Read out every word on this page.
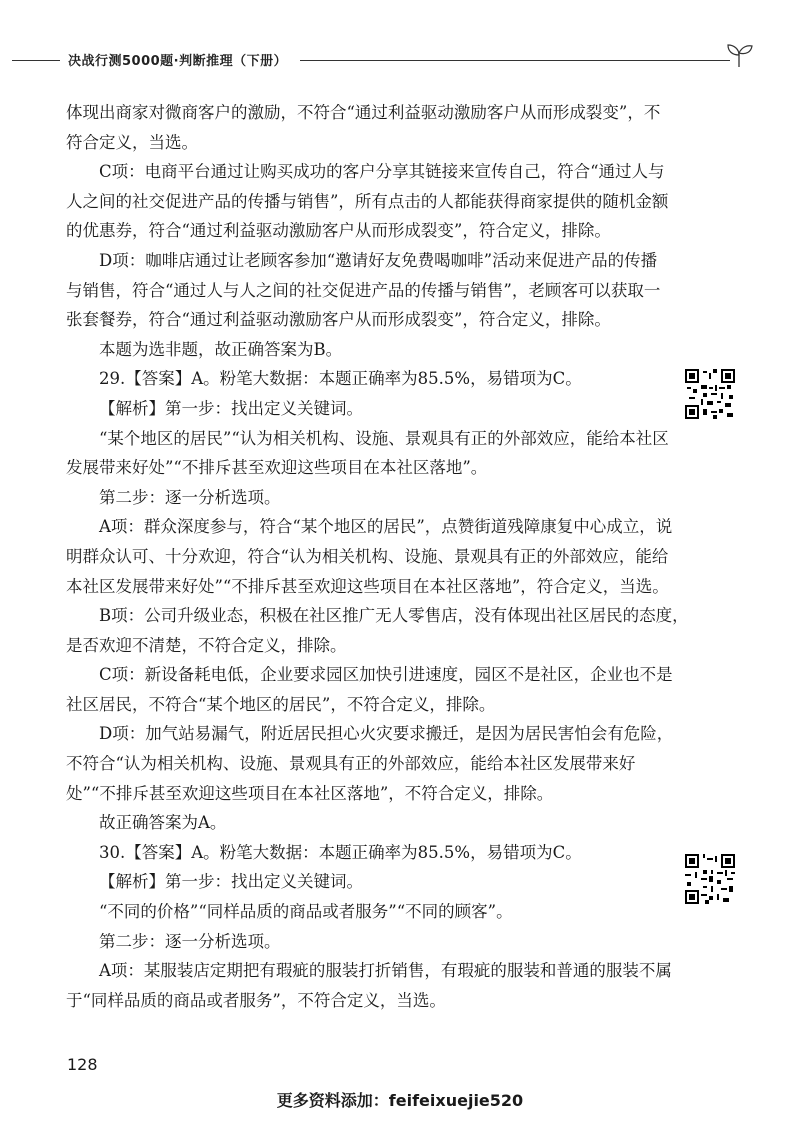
决战行测5000题·判断推理（下册）

体现出商家对微商客户的激励，不符合“通过利益驱动激励客户从而形成裂变”，不

符合定义，当选。

C项：电商平台通过让购买成功的客户分享其链接来宣传自己，符合“通过人与

人之间的社交促进产品的传播与销售”，所有点击的人都能获得商家提供的随机金额

的优惠券，符合“通过利益驱动激励客户从而形成裂变”，符合定义，排除。

D项：咖啡店通过让老顾客参加“邀请好友免费喝咖啡”活动来促进产品的传播

与销售，符合“通过人与人之间的社交促进产品的传播与销售”，老顾客可以获取一

张套餐券，符合“通过利益驱动激励客户从而形成裂变”，符合定义，排除。

本题为选非题，故正确答案为B。

29.【答案】A。粉笔大数据：本题正确率为85.5%，易错项为C。

【解析】第一步：找出定义关键词。

“某个地区的居民”“认为相关机构、设施、景观具有正的外部效应，能给本社区

发展带来好处”“不排斥甚至欢迎这些项目在本社区落地”。

第二步：逐一分析选项。

A项：群众深度参与，符合“某个地区的居民”，点赞街道残障康复中心成立，说

明群众认可、十分欢迎，符合“认为相关机构、设施、景观具有正的外部效应，能给

本社区发展带来好处”“不排斥甚至欢迎这些项目在本社区落地”，符合定义，当选。

B项：公司升级业态，积极在社区推广无人零售店，没有体现出社区居民的态度，

是否欢迎不清楚，不符合定义，排除。

C项：新设备耗电低，企业要求园区加快引进速度，园区不是社区，企业也不是

社区居民，不符合“某个地区的居民”，不符合定义，排除。

D项：加气站易漏气，附近居民担心火灾要求搬迁，是因为居民害怕会有危险，

不符合“认为相关机构、设施、景观具有正的外部效应，能给本社区发展带来好

处”“不排斥甚至欢迎这些项目在本社区落地”，不符合定义，排除。

故正确答案为A。

30.【答案】A。粉笔大数据：本题正确率为85.5%，易错项为C。

【解析】第一步：找出定义关键词。

“不同的价格”“同样品质的商品或者服务”“不同的顾客”。

第二步：逐一分析选项。

A项：某服装店定期把有瑕疵的服装打折销售，有瑕疵的服装和普通的服装不属

于“同样品质的商品或者服务”，不符合定义，当选。

128
更多资料添加：feifeixuejie520
